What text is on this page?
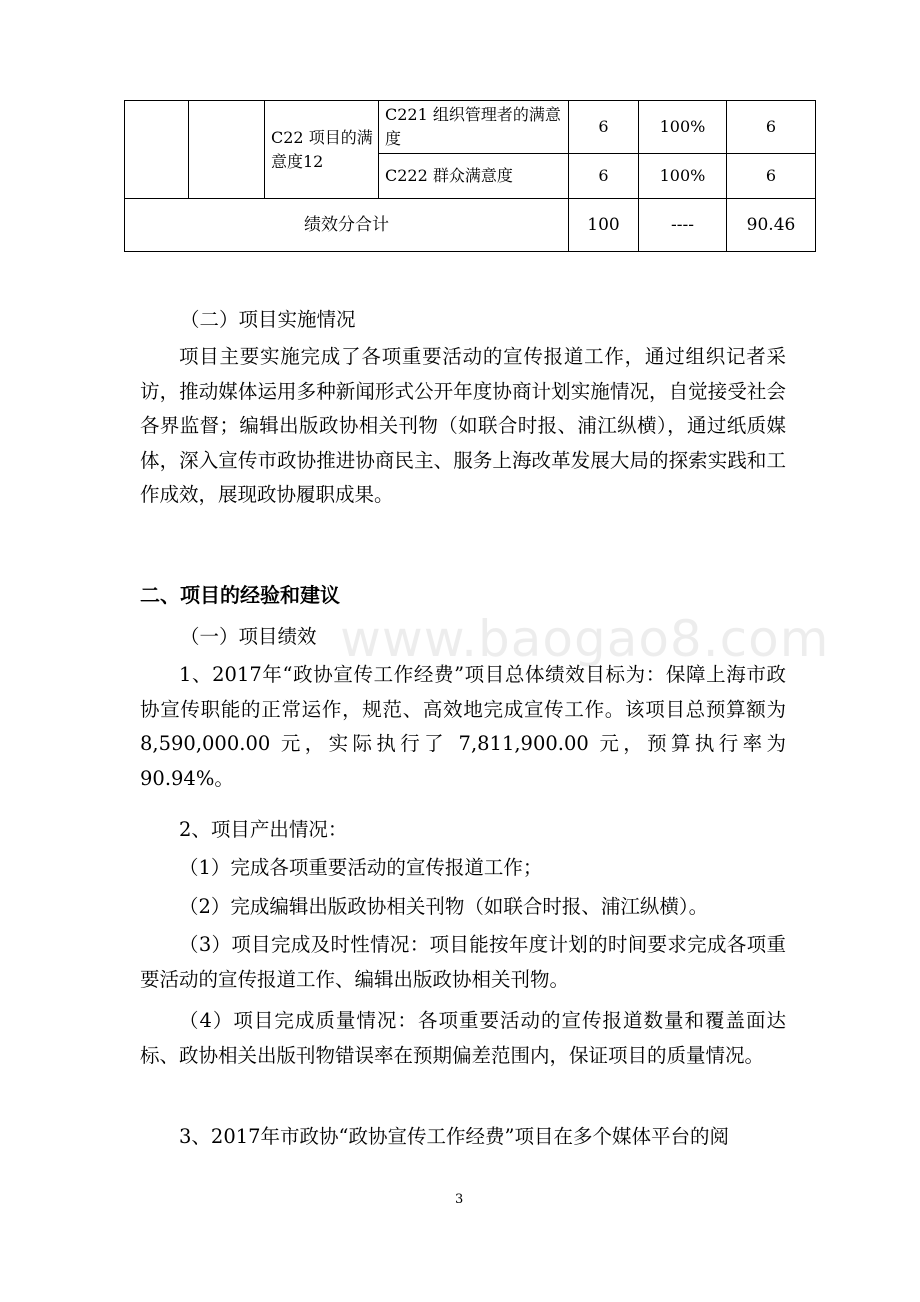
		C22 项目的满意度12	C221 组织管理者的满意度	6	100%	6
			C222 群众满意度	6	100%	6
绩效分合计				100	----	90.46

（二）项目实施情况

项目主要实施完成了各项重要活动的宣传报道工作，通过组织记者采访，推动媒体运用多种新闻形式公开年度协商计划实施情况，自觉接受社会各界监督；编辑出版政协相关刊物（如联合时报、浦江纵横），通过纸质媒体，深入宣传市政协推进协商民主、服务上海改革发展大局的探索实践和工作成效，展现政协履职成果。

二、项目的经验和建议

（一）项目绩效 www.baogao8.com

1、2017年“政协宣传工作经费”项目总体绩效目标为：保障上海市政协宣传职能的正常运作，规范、高效地完成宣传工作。该项目总预算额为 8,590,000.00 元，实际执行了 7,811,900.00 元，预算执行率为 90.94%。

2、项目产出情况：

（1）完成各项重要活动的宣传报道工作；

（2）完成编辑出版政协相关刊物（如联合时报、浦江纵横）。

（3）项目完成及时性情况：项目能按年度计划的时间要求完成各项重要活动的宣传报道工作、编辑出版政协相关刊物。

（4）项目完成质量情况：各项重要活动的宣传报道数量和覆盖面达标、政协相关出版刊物错误率在预期偏差范围内，保证项目的质量情况。

3、2017年市政协“政协宣传工作经费”项目在多个媒体平台的阅

3
